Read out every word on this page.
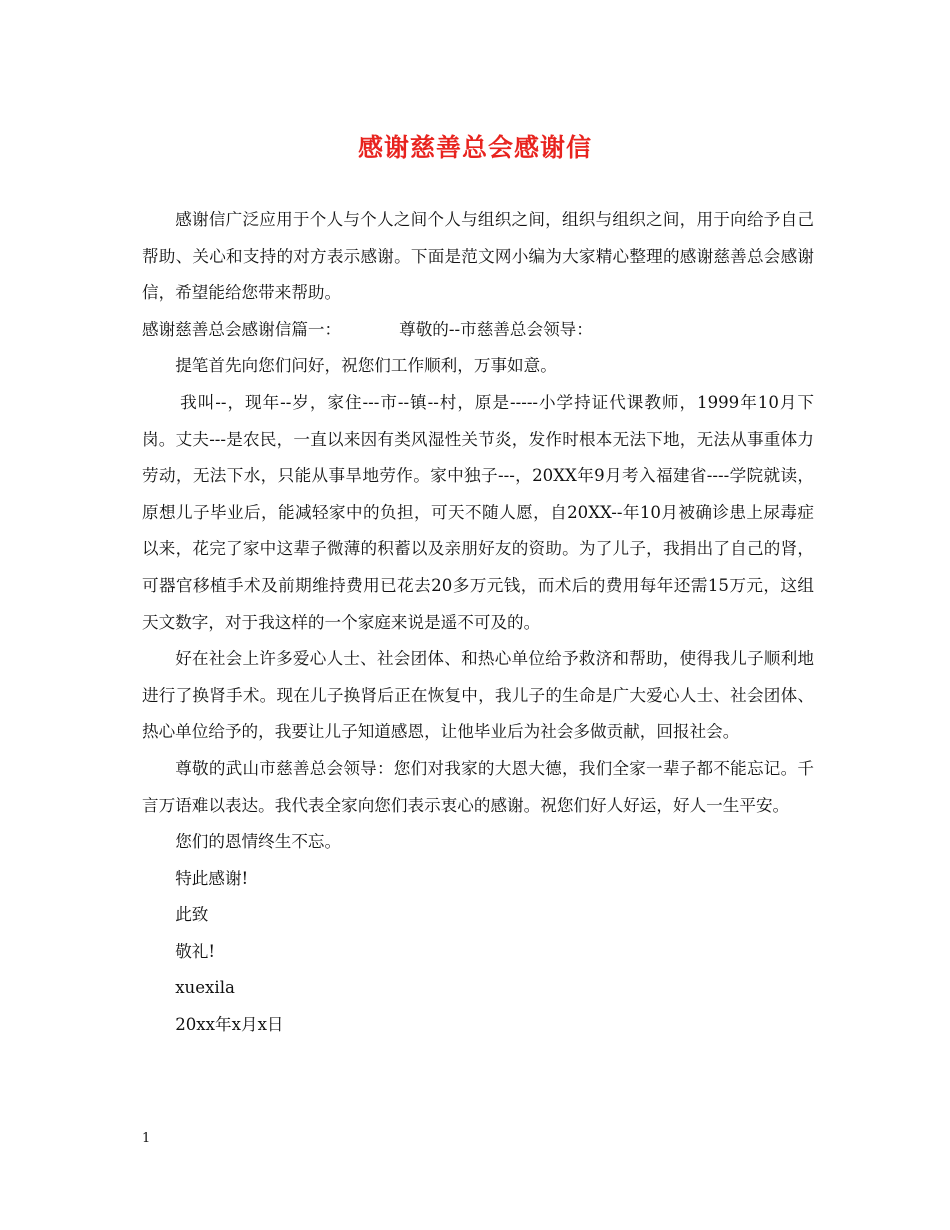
感谢慈善总会感谢信

感谢信广泛应用于个人与个人之间个人与组织之间，组织与组织之间，用于向给予自己帮助、关心和支持的对方表示感谢。下面是范文网小编为大家精心整理的感谢慈善总会感谢信，希望能给您带来帮助。

感谢慈善总会感谢信篇一：	尊敬的--市慈善总会领导：

提笔首先向您们问好，祝您们工作顺利，万事如意。

我叫--，现年--岁，家住---市--镇--村，原是-----小学持证代课教师，1999年10月下岗。丈夫---是农民，一直以来因有类风湿性关节炎，发作时根本无法下地，无法从事重体力劳动，无法下水，只能从事旱地劳作。家中独子---，20XX年9月考入福建省----学院就读，原想儿子毕业后，能减轻家中的负担，可天不随人愿，自20XX--年10月被确诊患上尿毒症以来，花完了家中这辈子微薄的积蓄以及亲朋好友的资助。为了儿子，我捐出了自己的肾，可器官移植手术及前期维持费用已花去20多万元钱，而术后的费用每年还需15万元，这组天文数字，对于我这样的一个家庭来说是遥不可及的。

好在社会上许多爱心人士、社会团体、和热心单位给予救济和帮助，使得我儿子顺利地进行了换肾手术。现在儿子换肾后正在恢复中，我儿子的生命是广大爱心人士、社会团体、热心单位给予的，我要让儿子知道感恩，让他毕业后为社会多做贡献，回报社会。

尊敬的武山市慈善总会领导：您们对我家的大恩大德，我们全家一辈子都不能忘记。千言万语难以表达。我代表全家向您们表示衷心的感谢。祝您们好人好运，好人一生平安。

您们的恩情终生不忘。

特此感谢!

此致

敬礼!

xuexila

20xx年x月x日

1
